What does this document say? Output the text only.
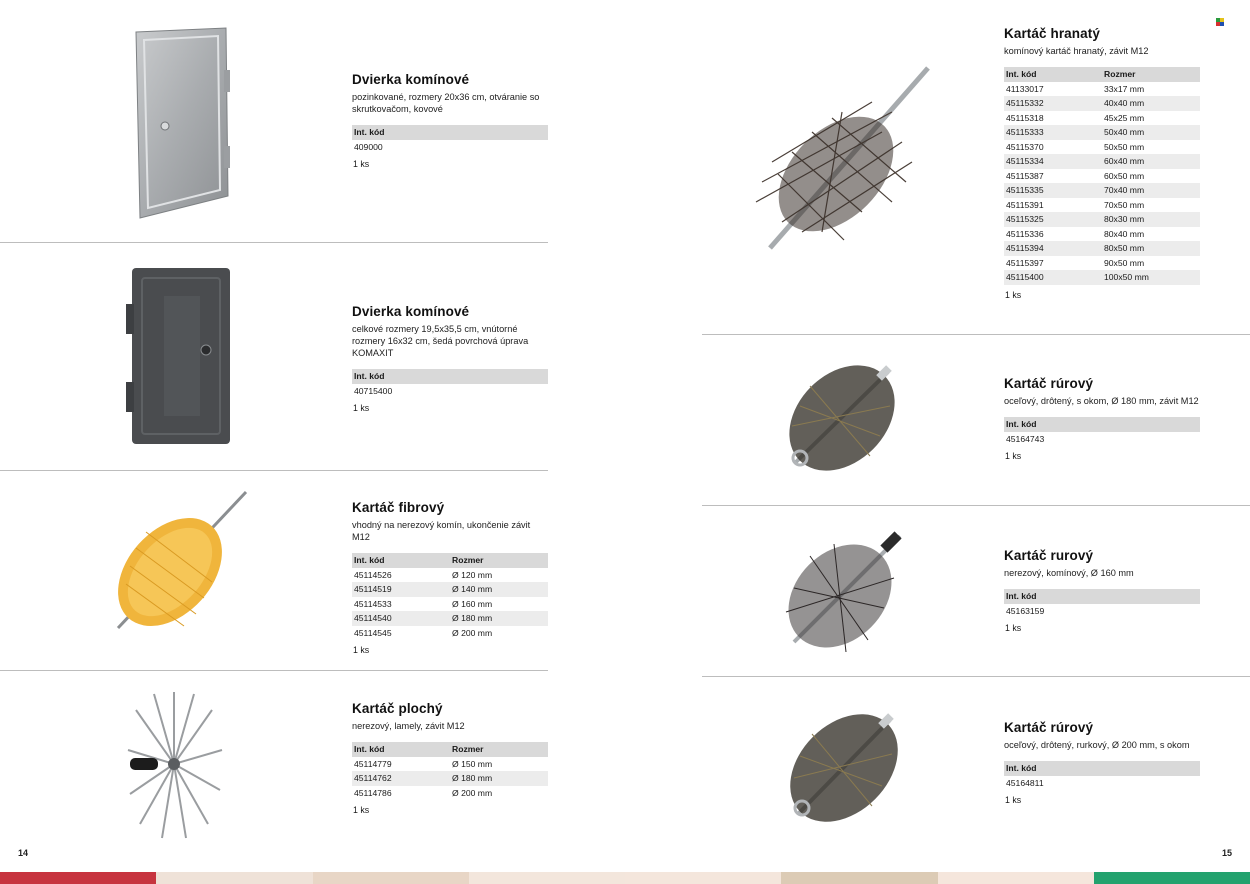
Dvierka komínové
pozinkované, rozmery 20x36 cm, otváranie so skrutkovačom, kovové
Int. kód
409000
1 ks
Dvierka komínové
celkové rozmery 19,5x35,5 cm, vnútorné rozmery 16x32 cm, šedá povrchová úprava KOMAXIT
Int. kód
40715400
1 ks
Kartáč fibrový
vhodný na nerezový komín, ukončenie závit M12
Int. kód	Rozmer
45114526	Ø 120 mm
45114519	Ø 140 mm
45114533	Ø 160 mm
45114540	Ø 180 mm
45114545	Ø 200 mm
1 ks
Kartáč plochý
nerezový, lamely, závit M12
Int. kód	Rozmer
45114779	Ø 150 mm
45114762	Ø 180 mm
45114786	Ø 200 mm
1 ks
Kartáč hranatý
komínový kartáč hranatý, závit M12
Int. kód	Rozmer
41133017	33x17 mm
45115332	40x40 mm
45115318	45x25 mm
45115333	50x40 mm
45115370	50x50 mm
45115334	60x40 mm
45115387	60x50 mm
45115335	70x40 mm
45115391	70x50 mm
45115325	80x30 mm
45115336	80x40 mm
45115394	80x50 mm
45115397	90x50 mm
45115400	100x50 mm
1 ks
Kartáč rúrový
oceľový, drôtený, s okom, Ø 180 mm, závit M12
Int. kód
45164743
1 ks
Kartáč rurový
nerezový, komínový, Ø 160 mm
Int. kód
45163159
1 ks
Kartáč rúrový
oceľový, drôtený, rurkový, Ø 200 mm, s okom
Int. kód
45164811
1 ks
14	15
